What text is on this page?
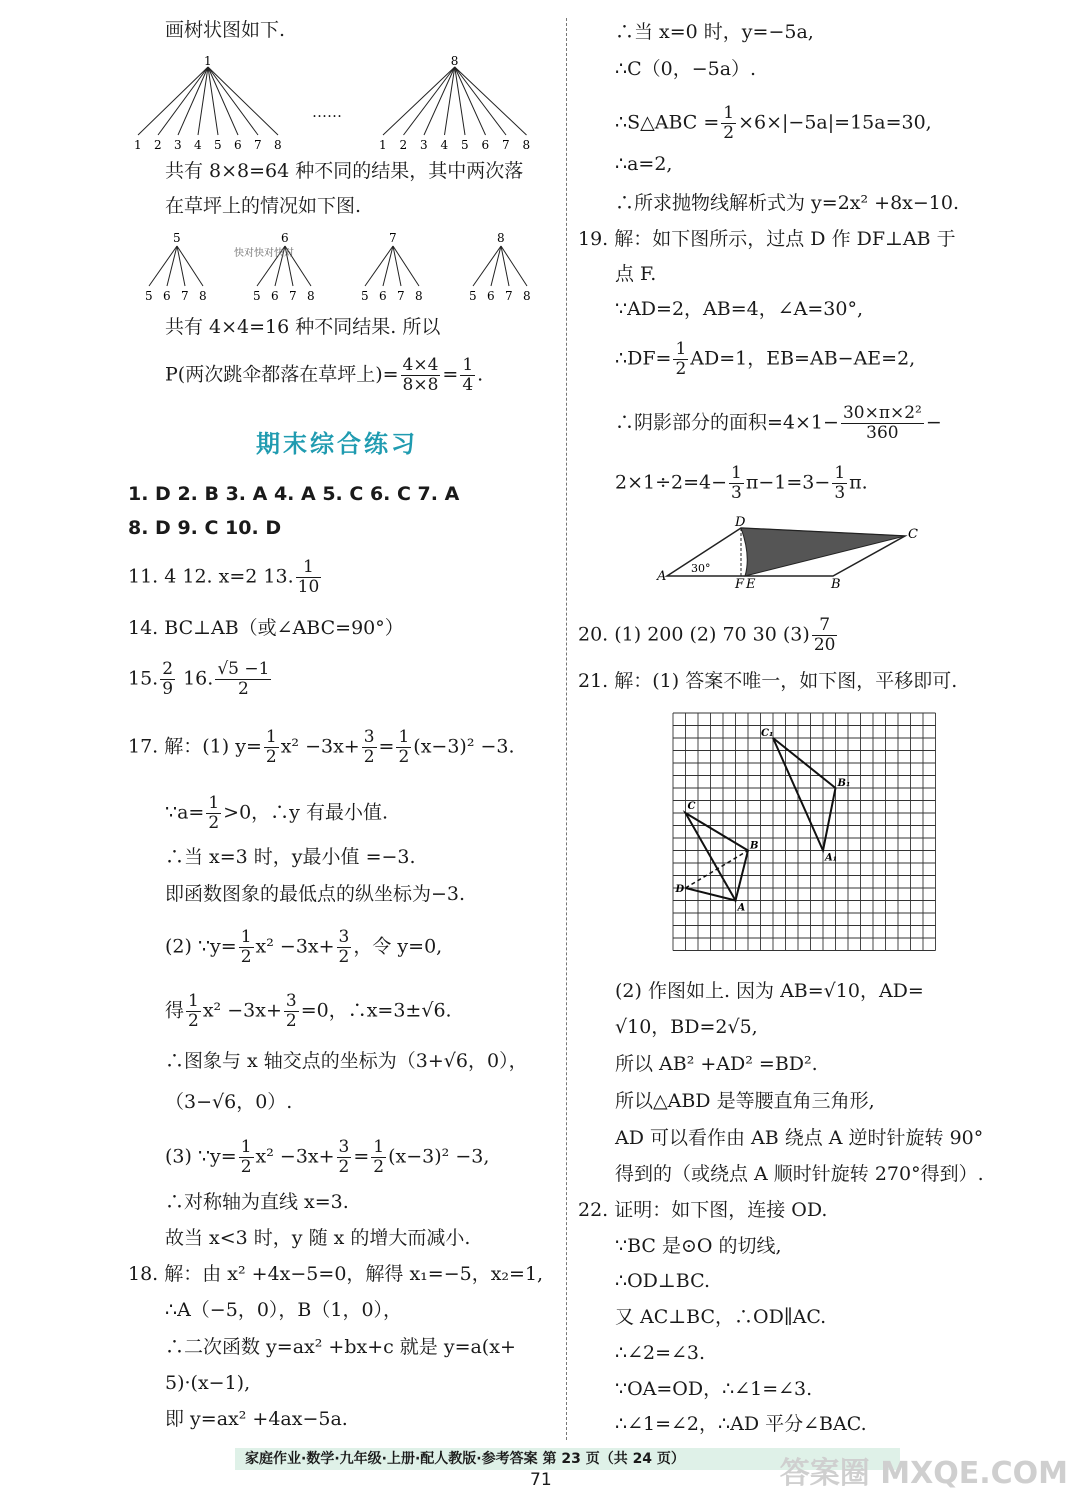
画树状图如下.
1
1 2 3 4 5 6 7 8
8
1 2 3 4 5 6 7 8
……
共有 8×8=64 种不同的结果，其中两次落
在草坪上的情况如下图.
5
5 6 7 8
6
5 6 7 8
7
5 6 7 8
8
5 6 7 8
快对快对快对
共有 4×4=16 种不同结果. 所以
P(两次跳伞都落在草坪上)= $\frac{4\times 4}{8\times 8} = \frac{1}{4}$ .
期末综合练习
1. D 2. B 3. A 4. A 5. C 6. C 7. A
8. D 9. C 10. D
11. 4 12. x=2 13. $\frac{1}{10}$
14. BC⊥AB（或∠ABC=90°）
15. $\frac{2}{9} 16$. $\frac{√5 -1}{2}$
17. 解：(1) $y= \frac{1}{2} x^2 -3x+ \frac{3}{2} = \frac{1}{2} (x-3)^2 -3$.
∵a= $\frac{1}{2} >0$，∴y 有最小值.
∴当 x=3 时，y最小值 =−3.
即函数图象的最低点的纵坐标为−3.
(2) ∵y= $\frac{1}{2} x^2 -3x+ \frac{3}{2}$ ，令 y=0,
得 $\frac{1}{2} x^2 -3x+ \frac{3}{2} =0$，∴x=3±√6.
∴图象与 x 轴交点的坐标为（3+√6，0），
（3−√6，0）.
(3) ∵y= $\frac{1}{2} x^2 -3x+ \frac{3}{2} = \frac{1}{2} (x-3)^2 -3$,
∴对称轴为直线 x=3.
故当 x<3 时，y 随 x 的增大而减小.
18. 解：由 x² +4x−5=0，解得 x₁=−5，x₂=1,
∴A（−5，0），B（1，0），
∴二次函数 y=ax² +bx+c 就是 y=a(x+
5)·(x−1),
即 y=ax² +4ax−5a.
∴当 x=0 时，y=−5a,
∴C（0，−5a）.
∴S△ABC = $\frac{1}{2} \times 6\times|-5a|=15a=30$,
∴a=2,
∴所求抛物线解析式为 y=2x² +8x−10.
19. 解：如下图所示，过点 D 作 DF⊥AB 于
点 F.
∵AD=2，AB=4，∠A=30°,
∴DF= $\frac{1}{2} AD=1$，EB=AB−AE=2,
∴阴影部分的面积$=4\times 1- \frac{\text{30×π×2²}}{360}$ −
$2\times 1\div 2=4- \frac{1}{3} \pi-1=3- \frac{1}{3} \pi$.
D
C
A
F E	B
30°
20. (1) 200 (2) 70 30 $(3) \frac{7}{20}$
21. 解：(1) 答案不唯一，如下图，平移即可.
C₁
B₁
A₁
C
B
D
A
(2) 作图如上. 因为 AB=√10，AD=
√10，BD=2√5,
所以 AB² +AD² =BD².
所以△ABD 是等腰直角三角形,
AD 可以看作由 AB 绕点 A 逆时针旋转 90°
得到的（或绕点 A 顺时针旋转 270°得到）.
22. 证明：如下图，连接 OD.
∵BC 是⊙O 的切线,
∴OD⊥BC.
又 AC⊥BC，∴OD∥AC.
∴∠2=∠3.
∵OA=OD，∴∠1=∠3.
∴∠1=∠2，∴AD 平分∠BAC.
家庭作业·数学·九年级·上册·配人教版·参考答案 第 23 页（共 24 页）
71	答案圈 MXQE.COM
